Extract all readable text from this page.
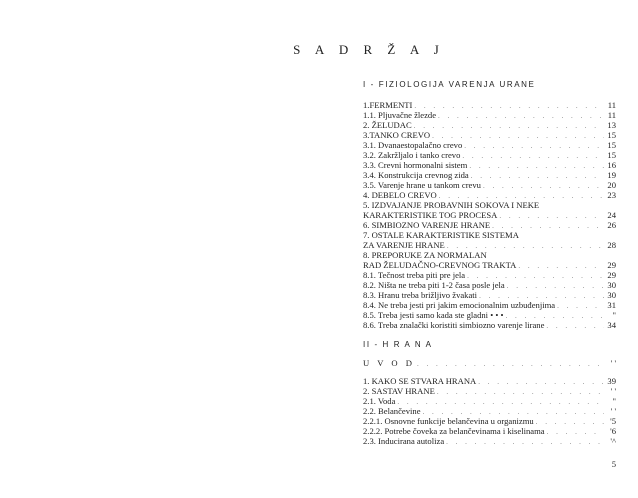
S A D R Ž A J
I - FIZIOLOGIJA VARENJA URANE
1.FERMENTI . . .	11
1.1. Pljuvačne žlezde . . .	11
2. ŽELUDAC . . .	13
3.TANKO CREVO . . .	15
3.1. Dvanaestopalačno crevo . . .	15
3.2. Zakržljalo i tanko crevo . . .	15
3.3. Crevni hormonalni sistem . . .	16
3.4. Konstrukcija crevnog zida . . .	19
3.5. Varenje hrane u tankom crevu . . .	20
4. DEBELO CREVO . . .	23
5. IZDVAJANJE PROBAVNIH SOKOVA I NEKE
KARAKTERISTIKE TOG PROCESA . . .	24
6. SIMBIOZNO VARENJE HRANE . . .	26
7. OSTALE KARAKTERISTIKE SISTEMA
ZA VARENJE HRANE . . .	28
8. PREPORUKE ZA NORMALAN
RAD ŽELUDAČNO-CREVNOG TRAKTA . . .	29
8.1. Tečnost treba piti pre jela . . .	29
8.2. Ništa ne treba piti 1-2 časa posle jela . . .	30
8.3. Hranu treba brižljivo žvakati . . .	30
8.4. Ne treba jesti pri jakim emocionalnim uzbuđenjima . . .	31
8.5. Treba jesti samo kada ste gladni • • • . . .	"
8.6. Treba znalački koristiti simbiozno varenje lirane . . .	34
II - H R A N A
U V O D . . .	' '
1. KAKO SE STVARA HRANA . . .	39
2. SASTAV HRANE . . .	' '
2.1. Voda . . .	"
2.2. Belančevine . . .	' '
2.2.1. Osnovne funkcije belančevina u organizmu . . .	'5
2.2.2. Potrebe čoveka za belančevinama i kiselinama . . .	'6
2.3. Inducirana autoliza . . .	'^
5
